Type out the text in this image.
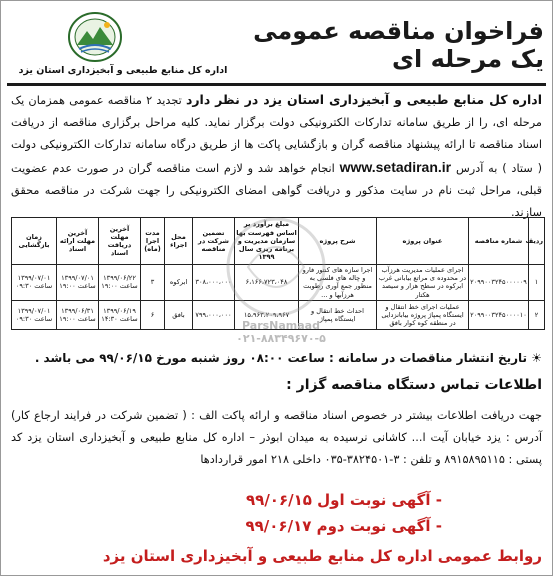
فراخوان مناقصه عمومی یک مرحله ای
اداره کل منابع طبیعی و آبخیزداری استان یزد
اداره کل منابع طبیعی و آبخیزداری استان یزد در نظر دارد تجدید ۲ مناقصه عمومی همزمان یک مرحله ای، را از طریق سامانه تدارکات الکترونیکی دولت برگزار نماید. کلیه مراحل برگزاری مناقصه از دریافت اسناد مناقصه تا ارائه پیشنهاد مناقصه گران و بازگشایی پاکت ها از طریق درگاه سامانه تدارکات الکترونیکی دولت ( ستاد ) به آدرس www.setadiran.ir انجام خواهد شد و لازم است مناقصه گران در صورت عدم عضویت قبلی، مراحل ثبت نام در سایت مذکور و دریافت گواهی امضای الکترونیکی را جهت شرکت در مناقصه محقق سازند.
ردیف	شماره مناقصه	عنوان پروژه	شرح پروژه	مبلغ برآورد بر اساس فهرست بها سازمان مدیریت و برنامه ریزی سال ۱۳۹۹	تضمین شرکت در مناقصه	محل اجراء	مدت اجرا (ماه)	آخرین مهلت دریافت اسناد	آخرین مهلت ارائه اسناد	زمان بازگشایی
۱	۲۰۹۹۰۰۳۲۴۵۰۰۰۰۰۹	اجرای عملیات مدیریت هرزآب در محدوده ی مراتع بیابانی غرب ابرکوه در سطح هزار و سیصد هکتار	اجرا سازه های کنتور فارو و چاله های فلسی به منظور جمع آوری رطوبت هرزآبها و ...	۶،۱۶۶،۷۲۳،۰۴۸	۳۰۸،۰۰۰،۰۰۰	ابرکوه	۳	۱۳۹۹/۰۶/۲۲ ساعت ۱۹:۰۰	۱۳۹۹/۰۷/۰۱ ساعت ۱۹:۰۰	۱۳۹۹/۰۷/۰۱ ساعت ۰۹:۳۰
۲	۲۰۹۹۰۰۳۲۴۵۰۰۰۰۱۰	عملیات اجرای خط انتقال و ایستگاه پمپاژ پروژه بیابانزدایی در منطقه کوه کوار بافق	احداث خط انتقال و ایستگاه پمپاژ	۱۵،۹۶۳،۲۰۹،۹۶۷	۷۹۹،۰۰۰،۰۰۰	بافق	۶	۱۳۹۹/۰۶/۱۹ ساعت ۱۴:۳۰	۱۳۹۹/۰۶/۳۱ ساعت ۱۹:۰۰	۱۳۹۹/۰۷/۰۱ ساعت ۰۹:۳۰
ParsNamaad
۰۲۱-۸۸۳۴۹۶۷۰-۵
☀ تاریخ انتشار مناقصات در سامانه : ساعت ۰۸:۰۰ روز شنبه مورخ ۹۹/۰۶/۱۵ می باشد .
اطلاعات تماس دستگاه مناقصه گزار :
جهت دریافت اطلاعات بیشتر در خصوص اسناد مناقصه و ارائه پاکت الف : ( تضمین شرکت در فرایند ارجاع کار) آدرس : یزد خیابان آیت ا... کاشانی نرسیده به میدان ابوذر – اداره کل منابع طبیعی و آبخیزداری استان یزد کد پستی : ۸۹۱۵۸۹۵۱۱۵ و تلفن : ۳-۳۸۲۴۵۰۱-۰۳۵ داخلی ۲۱۸ امور قراردادها
- آگهی نوبت اول ۹۹/۰۶/۱۵
- آگهی نوبت دوم ۹۹/۰۶/۱۷
روابط عمومی اداره کل منابع طبیعی و آبخیزداری استان یزد
